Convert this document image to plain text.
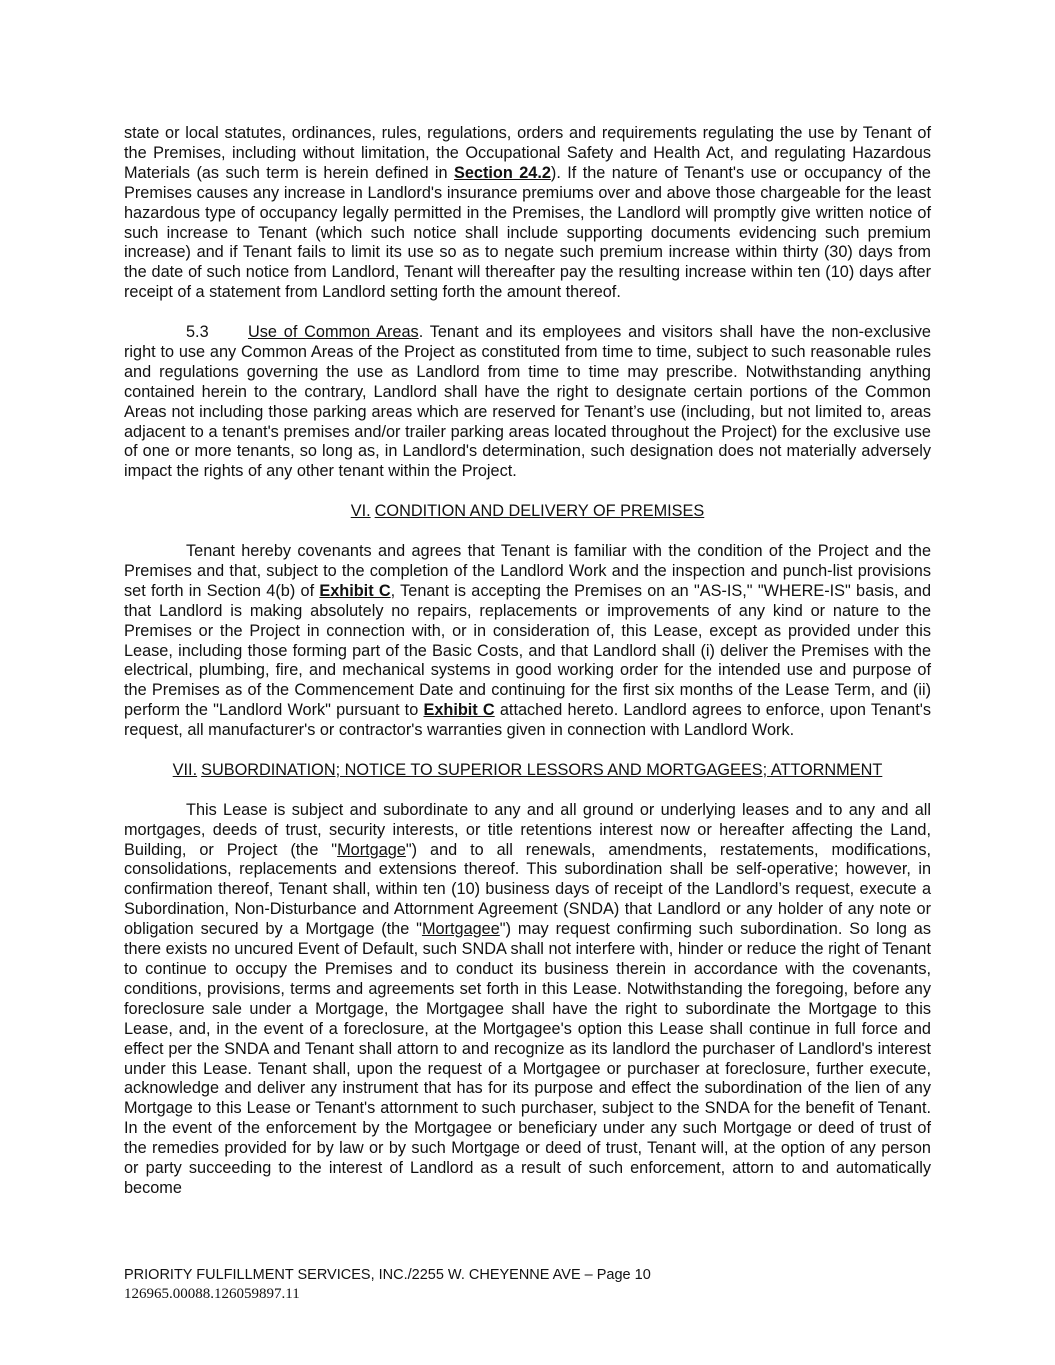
state or local statutes, ordinances, rules, regulations, orders and requirements regulating the use by Tenant of the Premises, including without limitation, the Occupational Safety and Health Act, and regulating Hazardous Materials (as such term is herein defined in Section 24.2). If the nature of Tenant's use or occupancy of the Premises causes any increase in Landlord's insurance premiums over and above those chargeable for the least hazardous type of occupancy legally permitted in the Premises, the Landlord will promptly give written notice of such increase to Tenant (which such notice shall include supporting documents evidencing such premium increase) and if Tenant fails to limit its use so as to negate such premium increase within thirty (30) days from the date of such notice from Landlord, Tenant will thereafter pay the resulting increase within ten (10) days after receipt of a statement from Landlord setting forth the amount thereof.

5.3 Use of Common Areas. Tenant and its employees and visitors shall have the non-exclusive right to use any Common Areas of the Project as constituted from time to time, subject to such reasonable rules and regulations governing the use as Landlord from time to time may prescribe. Notwithstanding anything contained herein to the contrary, Landlord shall have the right to designate certain portions of the Common Areas not including those parking areas which are reserved for Tenant’s use (including, but not limited to, areas adjacent to a tenant's premises and/or trailer parking areas located throughout the Project) for the exclusive use of one or more tenants, so long as, in Landlord's determination, such designation does not materially adversely impact the rights of any other tenant within the Project.

VI. CONDITION AND DELIVERY OF PREMISES

Tenant hereby covenants and agrees that Tenant is familiar with the condition of the Project and the Premises and that, subject to the completion of the Landlord Work and the inspection and punch-list provisions set forth in Section 4(b) of Exhibit C, Tenant is accepting the Premises on an "AS-IS," "WHERE-IS" basis, and that Landlord is making absolutely no repairs, replacements or improvements of any kind or nature to the Premises or the Project in connection with, or in consideration of, this Lease, except as provided under this Lease, including those forming part of the Basic Costs, and that Landlord shall (i) deliver the Premises with the electrical, plumbing, fire, and mechanical systems in good working order for the intended use and purpose of the Premises as of the Commencement Date and continuing for the first six months of the Lease Term, and (ii) perform the "Landlord Work" pursuant to Exhibit C attached hereto. Landlord agrees to enforce, upon Tenant's request, all manufacturer's or contractor's warranties given in connection with Landlord Work.

VII. SUBORDINATION; NOTICE TO SUPERIOR LESSORS AND MORTGAGEES; ATTORNMENT

This Lease is subject and subordinate to any and all ground or underlying leases and to any and all mortgages, deeds of trust, security interests, or title retentions interest now or hereafter affecting the Land, Building, or Project (the "Mortgage") and to all renewals, amendments, restatements, modifications, consolidations, replacements and extensions thereof. This subordination shall be self-operative; however, in confirmation thereof, Tenant shall, within ten (10) business days of receipt of the Landlord’s request, execute a Subordination, Non-Disturbance and Attornment Agreement (SNDA) that Landlord or any holder of any note or obligation secured by a Mortgage (the "Mortgagee") may request confirming such subordination. So long as there exists no uncured Event of Default, such SNDA shall not interfere with, hinder or reduce the right of Tenant to continue to occupy the Premises and to conduct its business therein in accordance with the covenants, conditions, provisions, terms and agreements set forth in this Lease. Notwithstanding the foregoing, before any foreclosure sale under a Mortgage, the Mortgagee shall have the right to subordinate the Mortgage to this Lease, and, in the event of a foreclosure, at the Mortgagee's option this Lease shall continue in full force and effect per the SNDA and Tenant shall attorn to and recognize as its landlord the purchaser of Landlord's interest under this Lease. Tenant shall, upon the request of a Mortgagee or purchaser at foreclosure, further execute, acknowledge and deliver any instrument that has for its purpose and effect the subordination of the lien of any Mortgage to this Lease or Tenant's attornment to such purchaser, subject to the SNDA for the benefit of Tenant. In the event of the enforcement by the Mortgagee or beneficiary under any such Mortgage or deed of trust of the remedies provided for by law or by such Mortgage or deed of trust, Tenant will, at the option of any person or party succeeding to the interest of Landlord as a result of such enforcement, attorn to and automatically become

PRIORITY FULFILLMENT SERVICES, INC./2255 W. CHEYENNE AVE – Page 10
126965.00088.126059897.11
